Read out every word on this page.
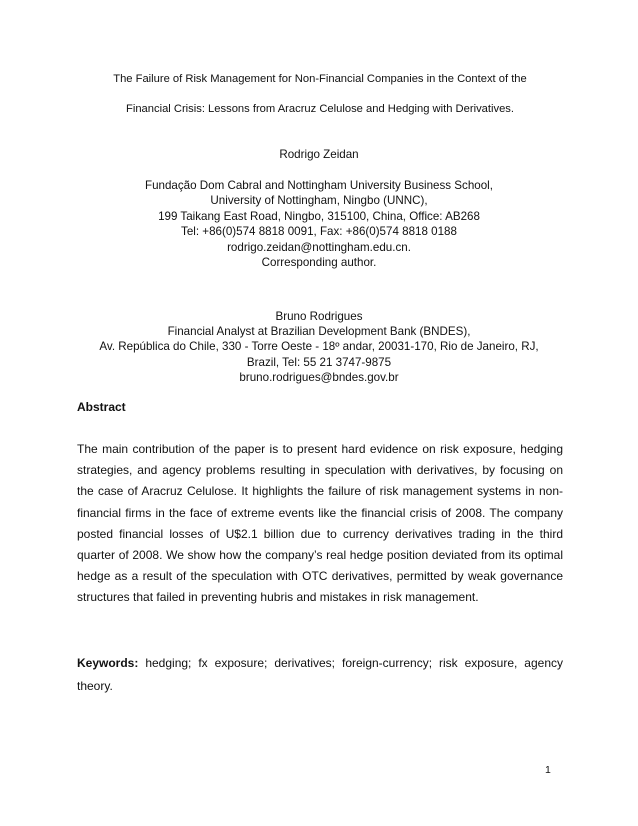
The Failure of Risk Management for Non-Financial Companies in the Context of the
Financial Crisis: Lessons from Aracruz Celulose and Hedging with Derivatives.
Rodrigo Zeidan
Fundação Dom Cabral and Nottingham University Business School,
University of Nottingham, Ningbo (UNNC),
199 Taikang East Road, Ningbo, 315100, China, Office: AB268
Tel: +86(0)574 8818 0091, Fax: +86(0)574 8818 0188
rodrigo.zeidan@nottingham.edu.cn.
Corresponding author.
Bruno Rodrigues
Financial Analyst at Brazilian Development Bank (BNDES),
Av. República do Chile, 330 - Torre Oeste - 18º andar, 20031-170, Rio de Janeiro, RJ,
Brazil, Tel: 55 21 3747-9875
bruno.rodrigues@bndes.gov.br
Abstract
The main contribution of the paper is to present hard evidence on risk exposure, hedging strategies, and agency problems resulting in speculation with derivatives, by focusing on the case of Aracruz Celulose. It highlights the failure of risk management systems in non-financial firms in the face of extreme events like the financial crisis of 2008. The company posted financial losses of U$2.1 billion due to currency derivatives trading in the third quarter of 2008. We show how the company’s real hedge position deviated from its optimal hedge as a result of the speculation with OTC derivatives, permitted by weak governance structures that failed in preventing hubris and mistakes in risk management.
Keywords: hedging; fx exposure; derivatives; foreign-currency; risk exposure, agency theory.
1
